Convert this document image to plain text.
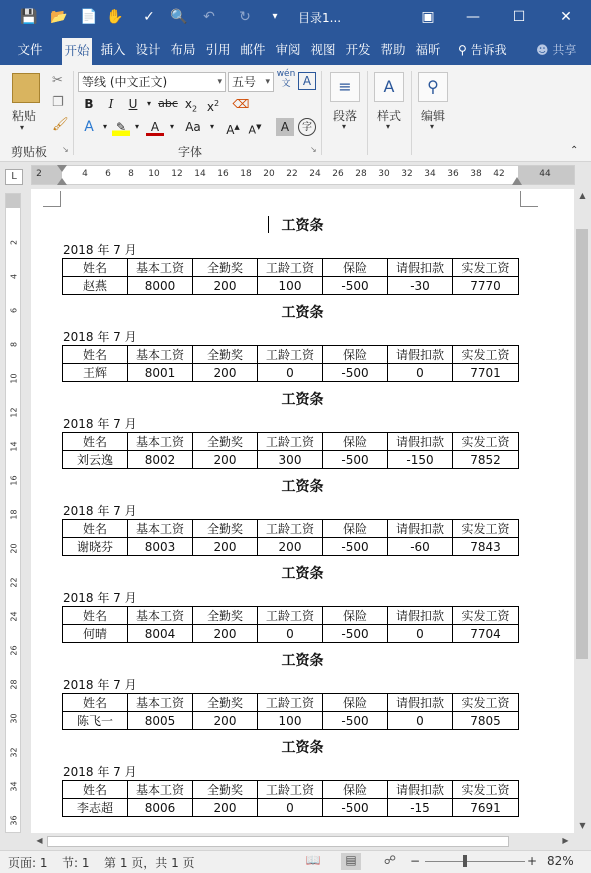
💾 📂 📄 ✋ ✓ 🔍 ↶ ↻	▾	目录1...	▣	—	☐	✕
文件	开始 插入 设计 布局 引用 邮件 审阅 视图 开发 帮助 福昕 ⚲ 告诉我 ☻ 共享
粘贴
▾
✂
❐
🖌
剪贴板 ↘
等线 (中文正文)	▾ 五号 ▾
wén 文	A
B	I	U	▾ abc $x_2$ $x^2$ ⌫
A	▾ ✎	▾ A	▾ Aa	▾	A▲ A▼	A	字
字体	↘
≡
段落
▾
A
样式
▾
⚲
编辑
▾
⌃
L	2	4 6 8 10 12 14 16 18 20 22 24 26 28 30 32 34 36 38 42	44
2
4
6
8
10
12
14
16
18
20
22
24
26
28
30
32
34
36
工资条
2018 年 7 月
姓名	基本工资	全勤奖	工龄工资	保险	请假扣款	实发工资
赵燕	8000	200	100	-500	-30	7770
工资条
2018 年 7 月
姓名	基本工资	全勤奖	工龄工资	保险	请假扣款	实发工资
王辉	8001	200	0	-500	0	7701
工资条
2018 年 7 月
姓名	基本工资	全勤奖	工龄工资	保险	请假扣款	实发工资
刘云逸	8002	200	300	-500	-150	7852
工资条
2018 年 7 月
姓名	基本工资	全勤奖	工龄工资	保险	请假扣款	实发工资
谢晓芬	8003	200	200	-500	-60	7843
工资条
2018 年 7 月
姓名	基本工资	全勤奖	工龄工资	保险	请假扣款	实发工资
何晴	8004	200	0	-500	0	7704
工资条
2018 年 7 月
姓名	基本工资	全勤奖	工龄工资	保险	请假扣款	实发工资
陈飞一	8005	200	100	-500	0	7805
工资条
2018 年 7 月
姓名	基本工资	全勤奖	工龄工资	保险	请假扣款	实发工资
李志超	8006	200	0	-500	-15	7691
▲
▼
◀	▶
页面: 1 节: 1 第 1 页，共 1 页	📖	▤	☍	−	+ 82%
